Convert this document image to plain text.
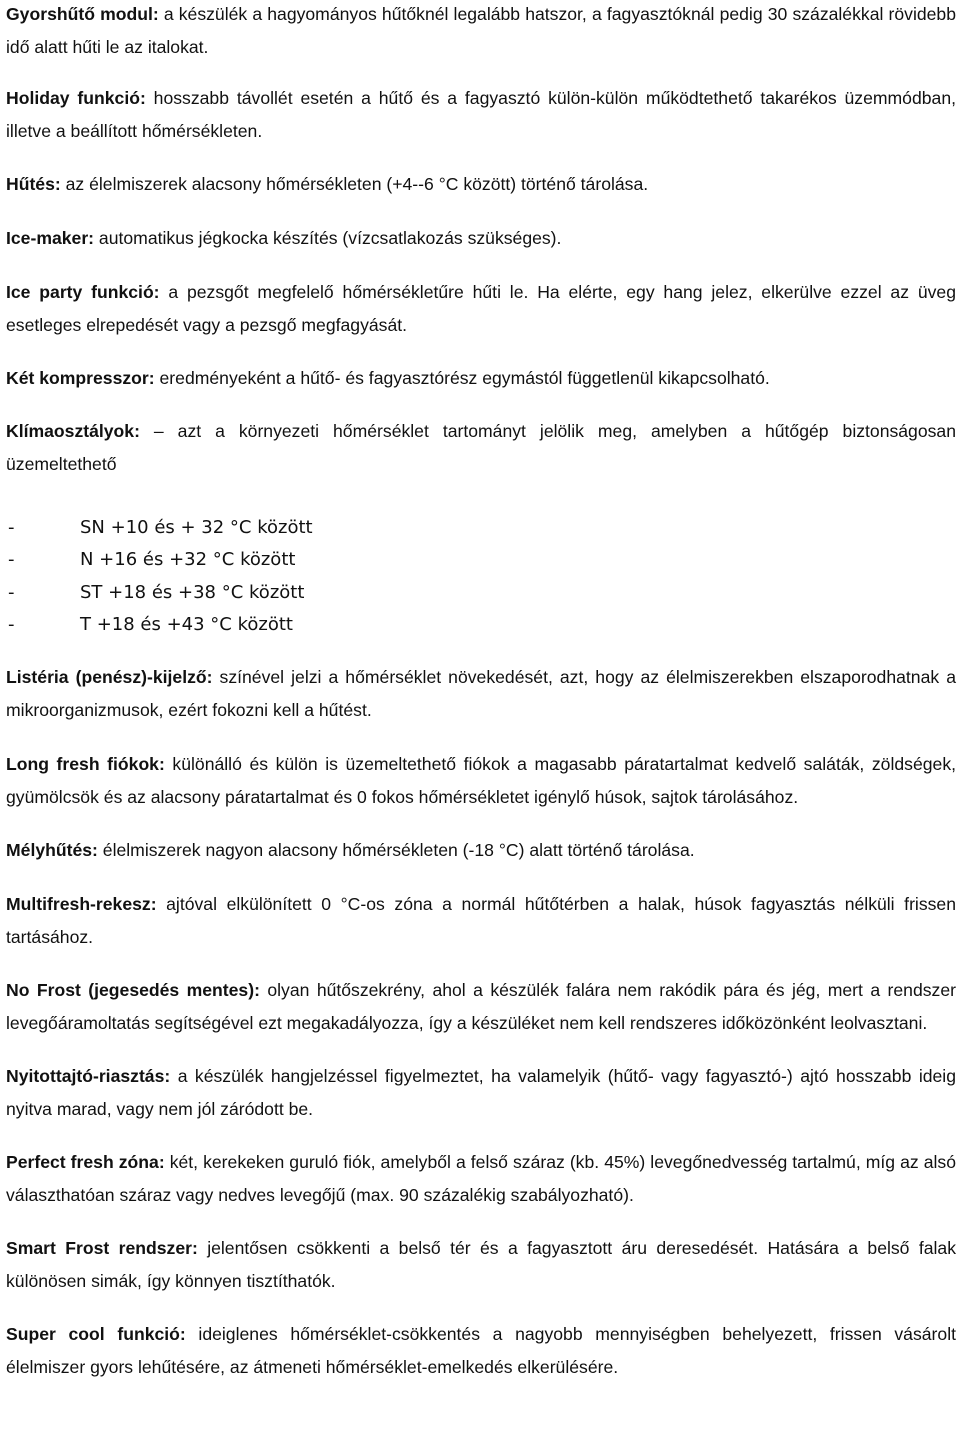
Gyorshűtő modul: a készülék a hagyományos hűtőknél legalább hatszor, a fagyasztóknál pedig 30 százalékkal rövidebb idő alatt hűti le az italokat.

Holiday funkció: hosszabb távollét esetén a hűtő és a fagyasztó külön-külön működtethető takarékos üzemmódban, illetve a beállított hőmérsékleten.

Hűtés: az élelmiszerek alacsony hőmérsékleten (+4--6 °C között) történő tárolása.

Ice-maker: automatikus jégkocka készítés (vízcsatlakozás szükséges).

Ice party funkció: a pezsgőt megfelelő hőmérsékletűre hűti le. Ha elérte, egy hang jelez, elkerülve ezzel az üveg esetleges elrepedését vagy a pezsgő megfagyását.

Két kompresszor: eredményeként a hűtő- és fagyasztórész egymástól függetlenül kikapcsolható.

Klímaosztályok: – azt a környezeti hőmérséklet tartományt jelölik meg, amelyben a hűtőgép biztonságosan üzemeltethető

-	SN +10 és + 32 °C között
-	N +16 és +32 °C között
-	ST +18 és +38 °C között
-	T +18 és +43 °C között

Listéria (penész)-kijelző: színével jelzi a hőmérséklet növekedését, azt, hogy az élelmiszerekben elszaporodhatnak a mikroorganizmusok, ezért fokozni kell a hűtést.

Long fresh fiókok: különálló és külön is üzemeltethető fiókok a magasabb páratartalmat kedvelő saláták, zöldségek, gyümölcsök és az alacsony páratartalmat és 0 fokos hőmérsékletet igénylő húsok, sajtok tárolásához.

Mélyhűtés: élelmiszerek nagyon alacsony hőmérsékleten (-18 °C) alatt történő tárolása.

Multifresh-rekesz: ajtóval elkülönített 0 °C-os zóna a normál hűtőtérben a halak, húsok fagyasztás nélküli frissen tartásához.

No Frost (jegesedés mentes): olyan hűtőszekrény, ahol a készülék falára nem rakódik pára és jég, mert a rendszer levegőáramoltatás segítségével ezt megakadályozza, így a készüléket nem kell rendszeres időközönként leolvasztani.

Nyitottajtó-riasztás: a készülék hangjelzéssel figyelmeztet, ha valamelyik (hűtő- vagy fagyasztó-) ajtó hosszabb ideig nyitva marad, vagy nem jól záródott be.

Perfect fresh zóna: két, kerekeken guruló fiók, amelyből a felső száraz (kb. 45%) levegőnedvesség tartalmú, míg az alsó választhatóan száraz vagy nedves levegőjű (max. 90 százalékig szabályozható).

Smart Frost rendszer: jelentősen csökkenti a belső tér és a fagyasztott áru deresedését. Hatására a belső falak különösen simák, így könnyen tisztíthatók.

Super cool funkció: ideiglenes hőmérséklet-csökkentés a nagyobb mennyiségben behelyezett, frissen vásárolt élelmiszer gyors lehűtésére, az átmeneti hőmérséklet-emelkedés elkerülésére.
